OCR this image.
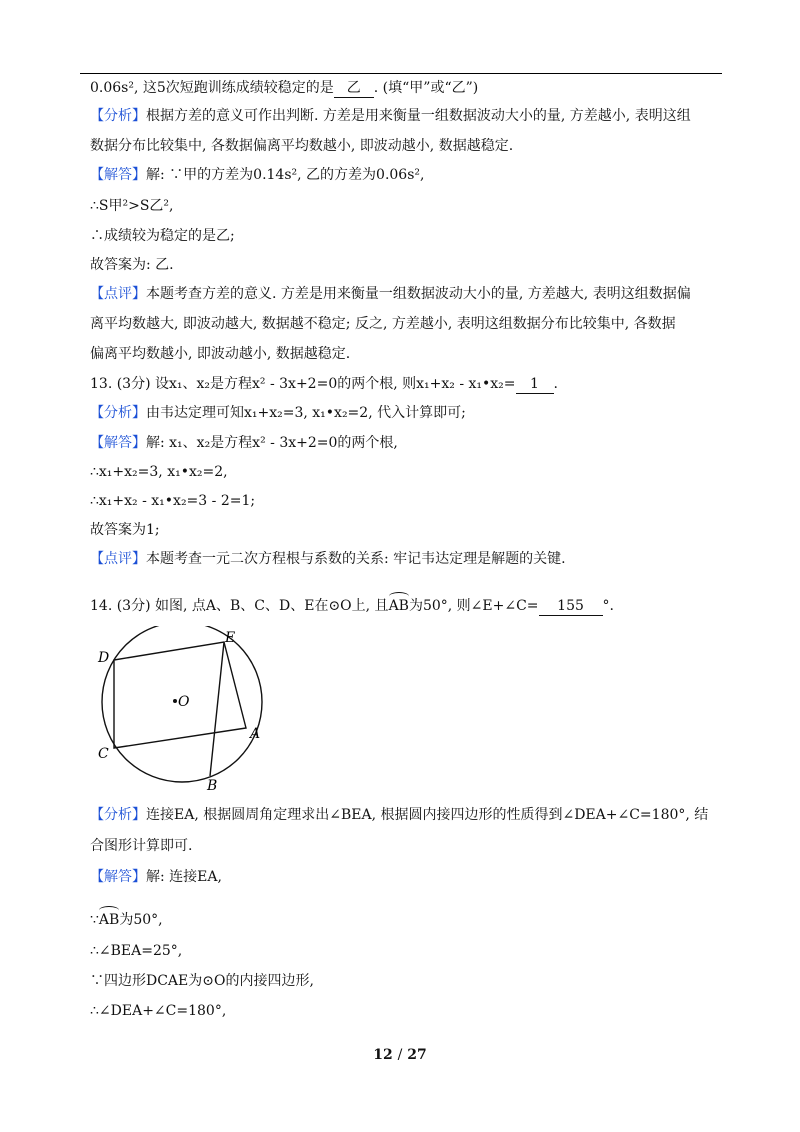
0.06s², 这5次短跑训练成绩较稳定的是 乙 . (填“甲”或“乙”)
【分析】根据方差的意义可作出判断. 方差是用来衡量一组数据波动大小的量, 方差越小, 表明这组
数据分布比较集中, 各数据偏离平均数越小, 即波动越小, 数据越稳定.
【解答】解: ∵甲的方差为0.14s², 乙的方差为0.06s²,
∴S甲²>S乙²,
∴成绩较为稳定的是乙;
故答案为: 乙.
【点评】本题考查方差的意义. 方差是用来衡量一组数据波动大小的量, 方差越大, 表明这组数据偏
离平均数越大, 即波动越大, 数据越不稳定; 反之, 方差越小, 表明这组数据分布比较集中, 各数据
偏离平均数越小, 即波动越小, 数据越稳定.
13. (3分) 设x₁、x₂是方程x² - 3x+2=0的两个根, 则x₁+x₂ - x₁•x₂= 1 .
【分析】由韦达定理可知x₁+x₂=3, x₁•x₂=2, 代入计算即可;
【解答】解: x₁、x₂是方程x² - 3x+2=0的两个根,
∴x₁+x₂=3, x₁•x₂=2,
∴x₁+x₂ - x₁•x₂=3 - 2=1;
故答案为1;
【点评】本题考查一元二次方程根与系数的关系: 牢记韦达定理是解题的关键.
14. (3分) 如图, 点A、B、C、D、E在⊙O上, 且AB为50°, 则∠E+∠C= 155 °.
O
D
E
C
A
B
【分析】连接EA, 根据圆周角定理求出∠BEA, 根据圆内接四边形的性质得到∠DEA+∠C=180°, 结
合图形计算即可.
【解答】解: 连接EA,
∵AB为50°,
∴∠BEA=25°,
∵四边形DCAE为⊙O的内接四边形,
∴∠DEA+∠C=180°,
12 / 27
